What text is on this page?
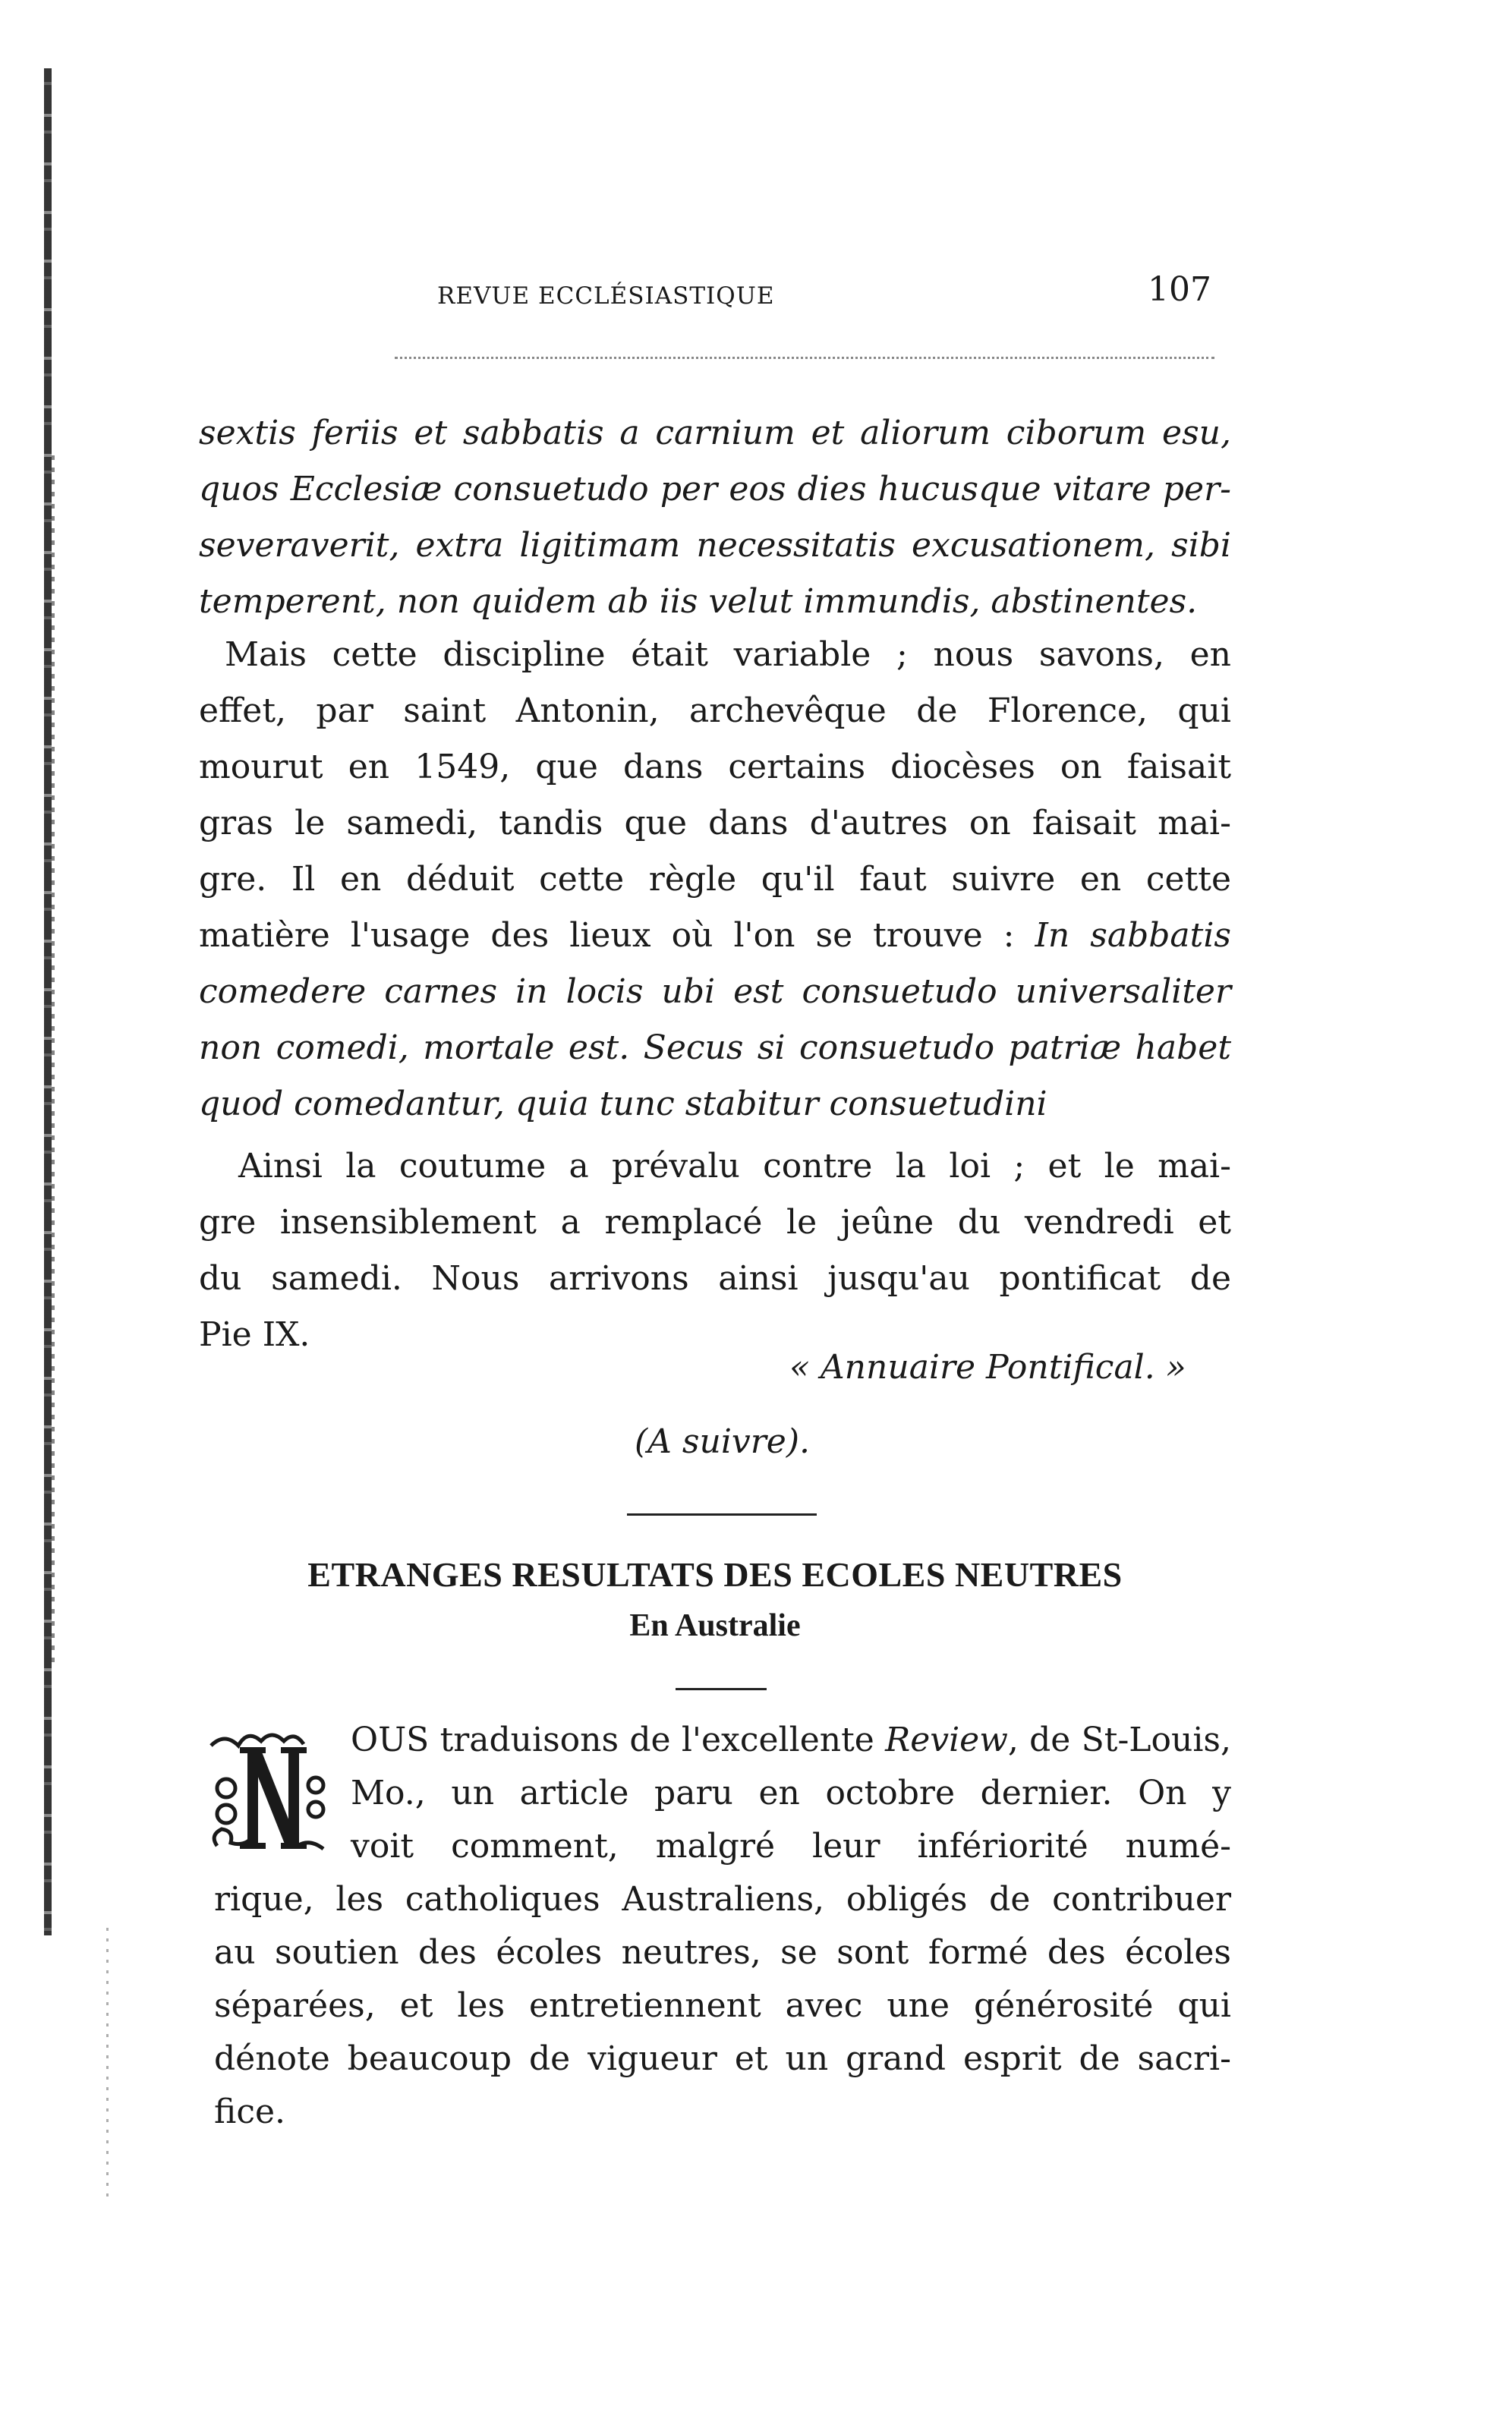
REVUE ECCLÉSIASTIQUE	107
sextis feriis et sabbatis a carnium et aliorum ciborum esu,
quos Ecclesiæ consuetudo per eos dies hucusque vitare per-
severaverit, extra ligitimam necessitatis excusationem, sibi
temperent, non quidem ab iis velut immundis, abstinentes.
Mais cette discipline était variable ; nous savons, en
effet, par saint Antonin, archevêque de Florence, qui
mourut en 1549, que dans certains diocèses on faisait
gras le samedi, tandis que dans d'autres on faisait mai-
gre. Il en déduit cette règle qu'il faut suivre en cette
matière l'usage des lieux où l'on se trouve : In sabbatis
comedere carnes in locis ubi est consuetudo universaliter
non comedi, mortale est. Secus si consuetudo patriæ habet
quod comedantur, quia tunc stabitur consuetudini
Ainsi la coutume a prévalu contre la loi ; et le mai-
gre insensiblement a remplacé le jeûne du vendredi et
du samedi. Nous arrivons ainsi jusqu'au pontificat de
Pie IX.
« Annuaire Pontifical. »
(A suivre).
ETRANGES RESULTATS DES ECOLES NEUTRES
En Australie
OUS traduisons de l'excellente Review, de St-Louis,
Mo., un article paru en octobre dernier. On y
voit comment, malgré leur infériorité numé-
rique, les catholiques Australiens, obligés de contribuer
au soutien des écoles neutres, se sont formé des écoles
séparées, et les entretiennent avec une générosité qui
dénote beaucoup de vigueur et un grand esprit de sacri-
fice.
